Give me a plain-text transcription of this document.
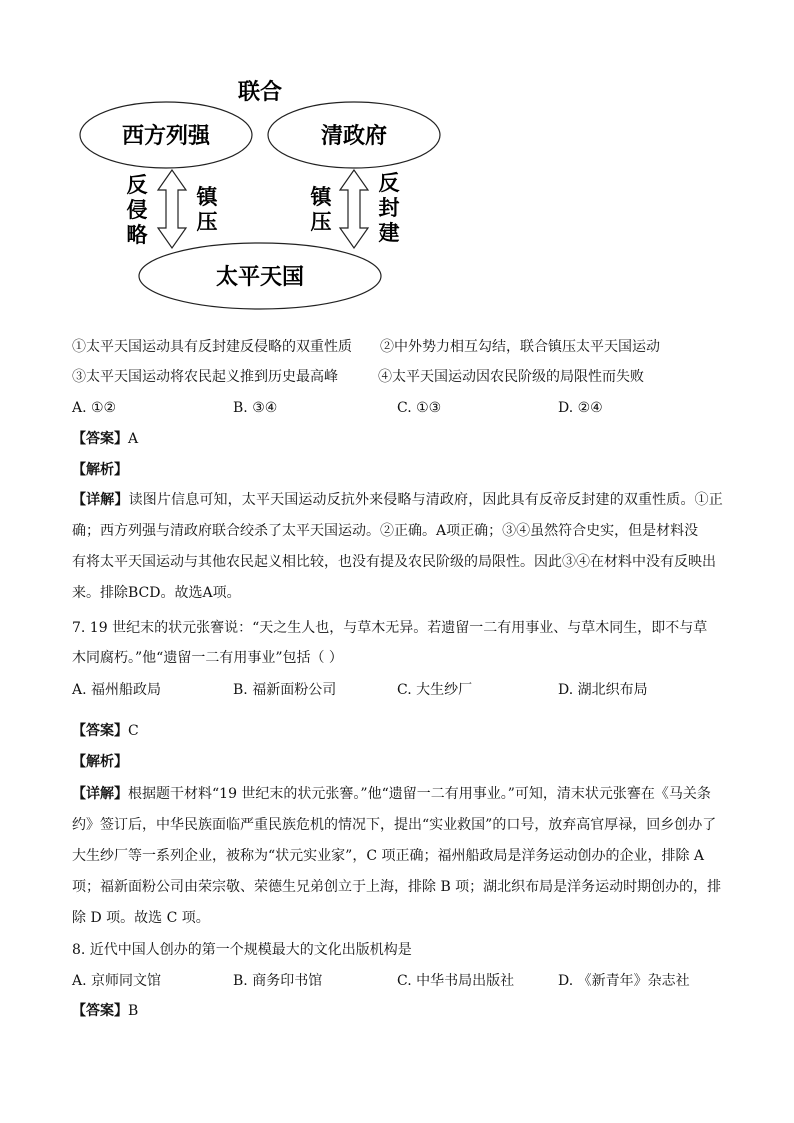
联合
西方列强	清政府
太平天国
反
侵
略
镇
压
镇
压
反
封
建
①太平天国运动具有反封建反侵略的双重性质 ②中外势力相互勾结，联合镇压太平天国运动
③太平天国运动将农民起义推到历史最高峰	④太平天国运动因农民阶级的局限性而失败
A. ①②	B. ③④	C. ①③	D. ②④
【答案】A
【解析】
【详解】读图片信息可知，太平天国运动反抗外来侵略与清政府，因此具有反帝反封建的双重性质。①正
确；西方列强与清政府联合绞杀了太平天国运动。②正确。A项正确；③④虽然符合史实，但是材料没
有将太平天国运动与其他农民起义相比较，也没有提及农民阶级的局限性。因此③④在材料中没有反映出
来。排除BCD。故选A项。
7. 19 世纪末的状元张謇说：“天之生人也，与草木无异。若遗留一二有用事业、与草木同生，即不与草
木同腐朽。”他“遗留一二有用事业”包括（ ）
A. 福州船政局	B. 福新面粉公司	C. 大生纱厂	D. 湖北织布局
【答案】C
【解析】
【详解】根据题干材料“19 世纪末的状元张謇。”他“遗留一二有用事业。”可知，清末状元张謇在《马关条
约》签订后，中华民族面临严重民族危机的情况下，提出“实业救国”的口号，放弃高官厚禄，回乡创办了
大生纱厂等一系列企业，被称为“状元实业家”，C 项正确；福州船政局是洋务运动创办的企业，排除 A
项；福新面粉公司由荣宗敬、荣德生兄弟创立于上海，排除 B 项；湖北织布局是洋务运动时期创办的，排
除 D 项。故选 C 项。
8. 近代中国人创办的第一个规模最大的文化出版机构是
A. 京师同文馆	B. 商务印书馆	C. 中华书局出版社	D. 《新青年》杂志社
【答案】B
